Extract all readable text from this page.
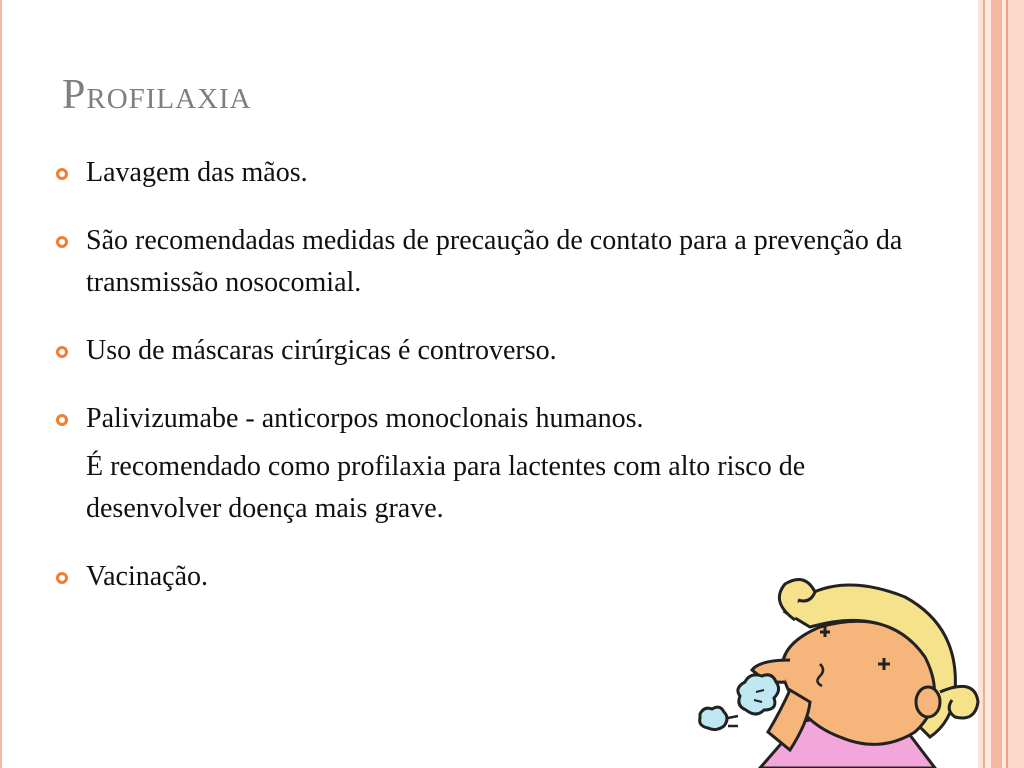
Profilaxia
Lavagem das mãos.
São recomendadas medidas de precaução de contato para a prevenção da transmissão nosocomial.
Uso de máscaras cirúrgicas é controverso.
Palivizumabe - anticorpos monoclonais humanos.
É recomendado como profilaxia para lactentes com alto risco de desenvolver doença mais grave.
Vacinação.
